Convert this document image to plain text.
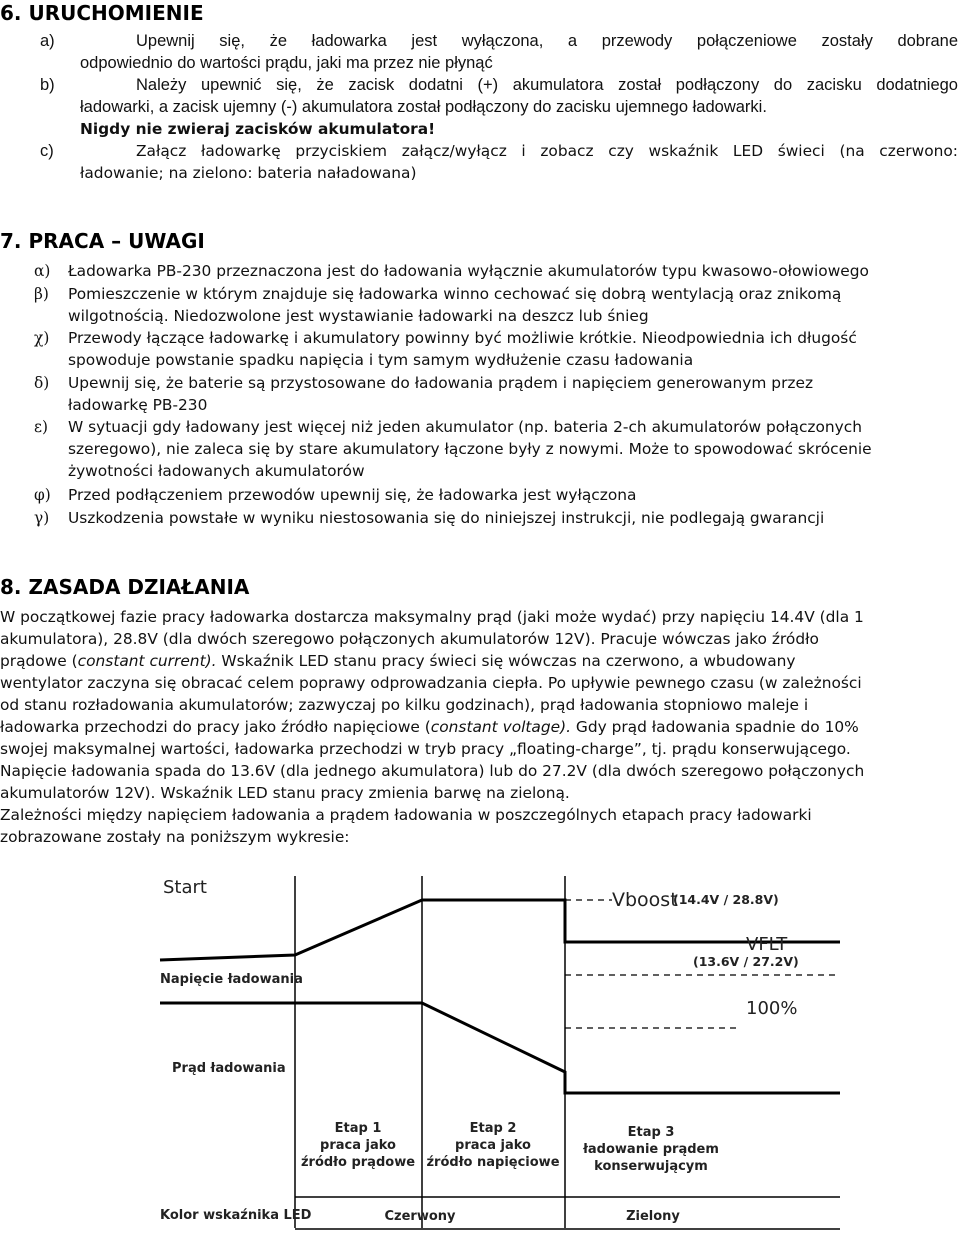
6. URUCHOMIENIE
a)	Upewnij się, że ładowarka jest wyłączona, a przewody połączeniowe zostały dobrane
odpowiednio do wartości prądu, jaki ma przez nie płynąć
b)	Należy upewnić się, że zacisk dodatni (+) akumulatora został podłączony do zacisku dodatniego
ładowarki, a zacisk ujemny (-) akumulatora został podłączony do zacisku ujemnego ładowarki.
Nigdy nie zwieraj zacisków akumulatora!
c)	Załącz ładowarkę przyciskiem załącz/wyłącz i zobacz czy wskaźnik LED świeci (na czerwono:
ładowanie; na zielono: bateria naładowana)
7. PRACA – UWAGI
α) Ładowarka PB-230 przeznaczona jest do ładowania wyłącznie akumulatorów typu kwasowo-ołowiowego
β) Pomieszczenie w którym znajduje się ładowarka winno cechować się dobrą wentylacją oraz znikomą
wilgotnością. Niedozwolone jest wystawianie ładowarki na deszcz lub śnieg
χ) Przewody łączące ładowarkę i akumulatory powinny być możliwie krótkie. Nieodpowiednia ich długość
spowoduje powstanie spadku napięcia i tym samym wydłużenie czasu ładowania
δ) Upewnij się, że baterie są przystosowane do ładowania prądem i napięciem generowanym przez
ładowarkę PB-230
ε) W sytuacji gdy ładowany jest więcej niż jeden akumulator (np. bateria 2-ch akumulatorów połączonych
szeregowo), nie zaleca się by stare akumulatory łączone były z nowymi. Może to spowodować skrócenie
żywotności ładowanych akumulatorów
φ) Przed podłączeniem przewodów upewnij się, że ładowarka jest wyłączona
γ) Uszkodzenia powstałe w wyniku niestosowania się do niniejszej instrukcji, nie podlegają gwarancji
8. ZASADA DZIAŁANIA
W początkowej fazie pracy ładowarka dostarcza maksymalny prąd (jaki może wydać) przy napięciu 14.4V (dla 1
akumulatora), 28.8V (dla dwóch szeregowo połączonych akumulatorów 12V). Pracuje wówczas jako źródło
prądowe (constant current). Wskaźnik LED stanu pracy świeci się wówczas na czerwono, a wbudowany
wentylator zaczyna się obracać celem poprawy odprowadzania ciepła. Po upływie pewnego czasu (w zależności
od stanu rozładowania akumulatorów; zazwyczaj po kilku godzinach), prąd ładowania stopniowo maleje i
ładowarka przechodzi do pracy jako źródło napięciowe (constant voltage). Gdy prąd ładowania spadnie do 10%
swojej maksymalnej wartości, ładowarka przechodzi w tryb pracy „floating-charge”, tj. prądu konserwującego.
Napięcie ładowania spada do 13.6V (dla jednego akumulatora) lub do 27.2V (dla dwóch szeregowo połączonych
akumulatorów 12V). Wskaźnik LED stanu pracy zmienia barwę na zieloną.
Zależności między napięciem ładowania a prądem ładowania w poszczególnych etapach pracy ładowarki
zobrazowane zostały na poniższym wykresie:
Start
Vboost
(14.4V / 28.8V)
VFLT
(13.6V / 27.2V)
100%
Napięcie ładowania
Prąd ładowania
Etap 1
praca jako
źródło prądowe
Etap 2
praca jako
źródło napięciowe
Etap 3
ładowanie prądem
konserwującym
Kolor wskaźnika LED	Czerwony	Zielony
